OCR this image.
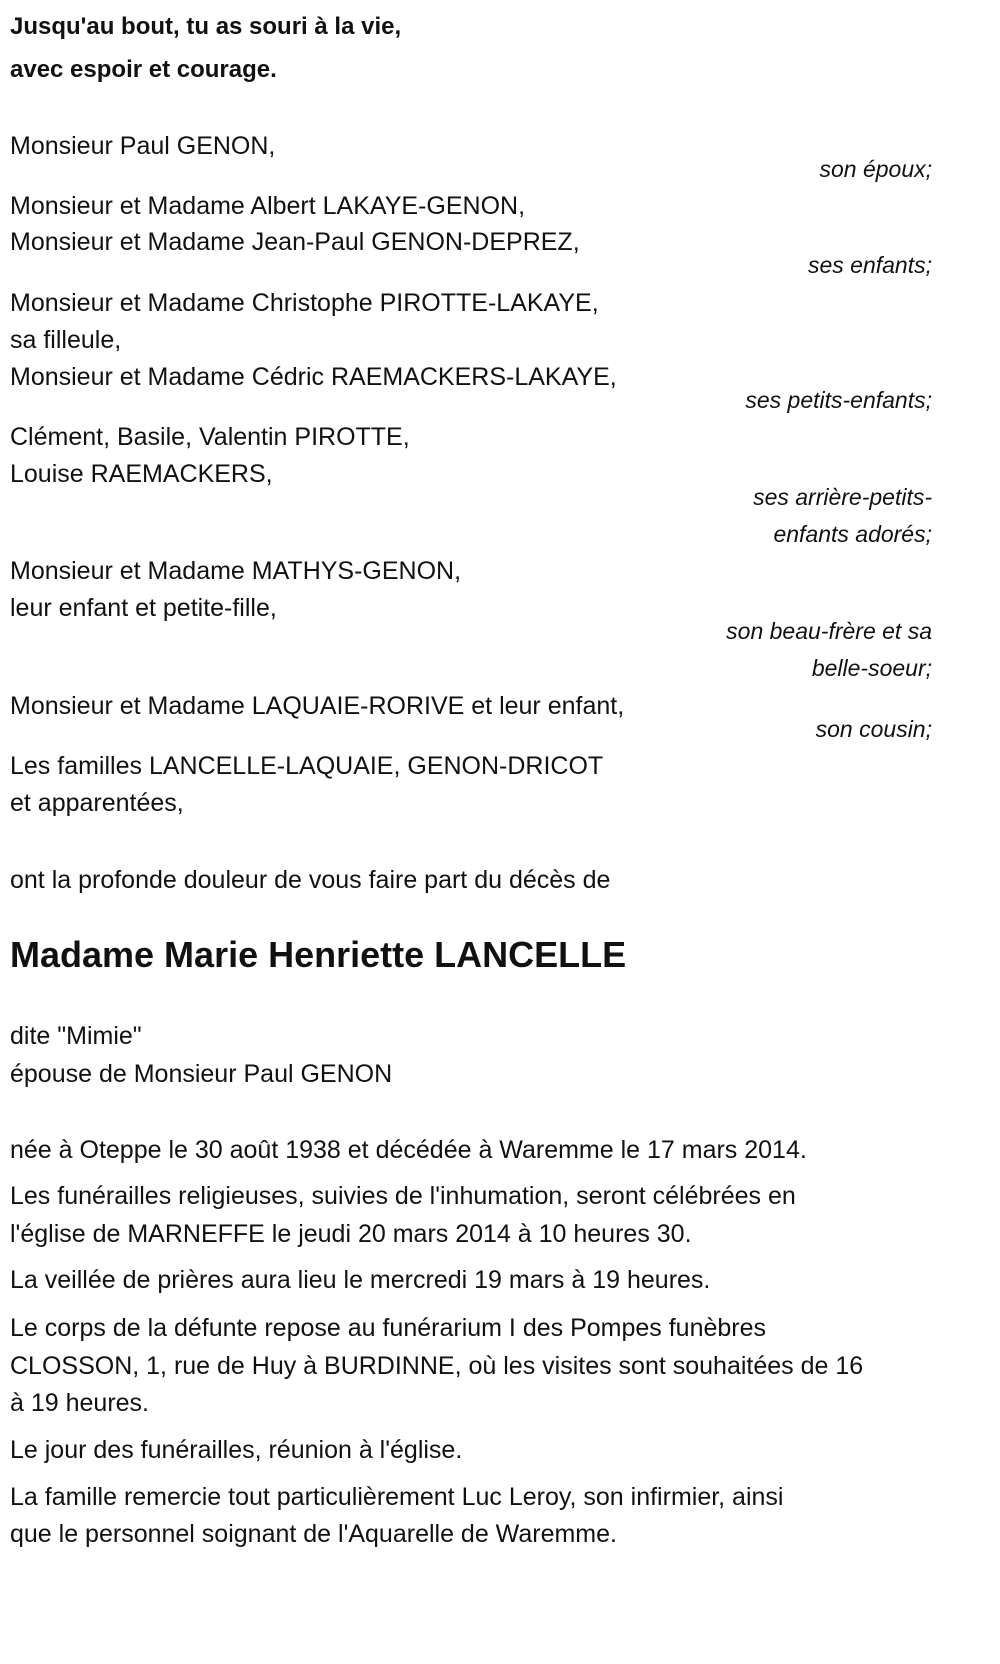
Jusqu'au bout, tu as souri à la vie,
avec espoir et courage.
Monsieur Paul GENON,
son époux;
Monsieur et Madame Albert LAKAYE-GENON,
Monsieur et Madame Jean-Paul GENON-DEPREZ,
ses enfants;
Monsieur et Madame Christophe PIROTTE-LAKAYE,
sa filleule,
Monsieur et Madame Cédric RAEMACKERS-LAKAYE,
ses petits-enfants;
Clément, Basile, Valentin PIROTTE,
Louise RAEMACKERS,
ses arrière-petits-
enfants adorés;
Monsieur et Madame MATHYS-GENON,
leur enfant et petite-fille,
son beau-frère et sa
belle-soeur;
Monsieur et Madame LAQUAIE-RORIVE et leur enfant,
son cousin;
Les familles LANCELLE-LAQUAIE, GENON-DRICOT
et apparentées,
ont la profonde douleur de vous faire part du décès de
Madame Marie Henriette LANCELLE
dite "Mimie"
épouse de Monsieur Paul GENON
née à Oteppe le 30 août 1938 et décédée à Waremme le 17 mars 2014.
Les funérailles religieuses, suivies de l'inhumation, seront célébrées en
l'église de MARNEFFE le jeudi 20 mars 2014 à 10 heures 30.
La veillée de prières aura lieu le mercredi 19 mars à 19 heures.
Le corps de la défunte repose au funérarium I des Pompes funèbres
CLOSSON, 1, rue de Huy à BURDINNE, où les visites sont souhaitées de 16
à 19 heures.
Le jour des funérailles, réunion à l'église.
La famille remercie tout particulièrement Luc Leroy, son infirmier, ainsi
que le personnel soignant de l'Aquarelle de Waremme.
